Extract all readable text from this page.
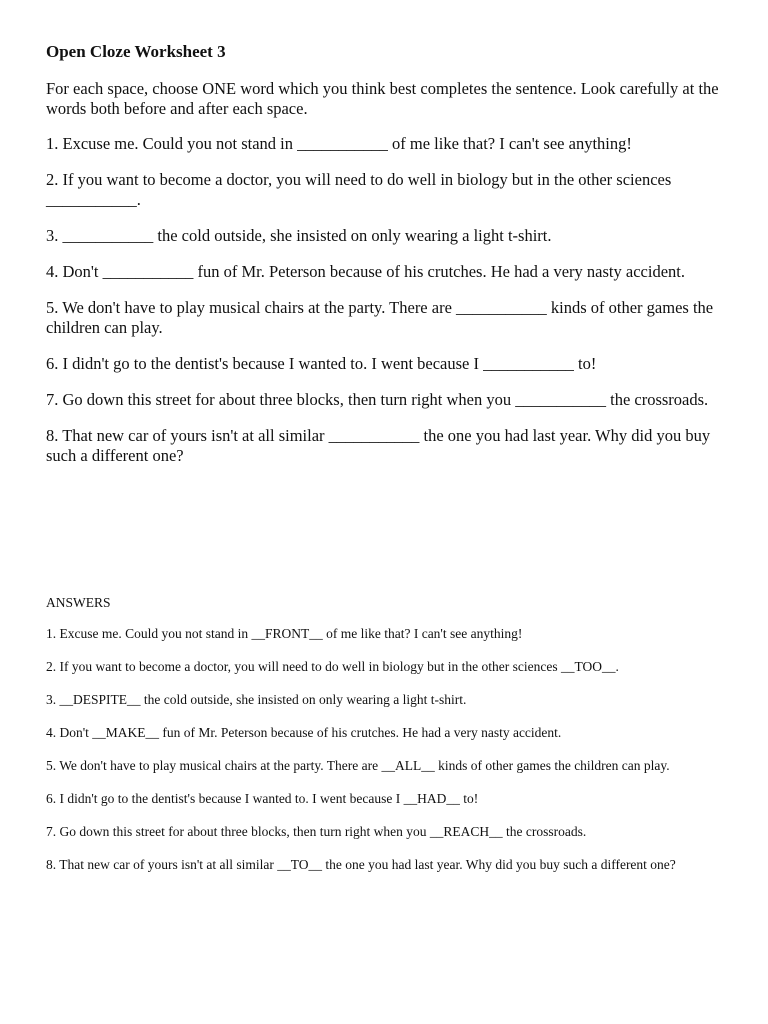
Open Cloze Worksheet 3

For each space, choose ONE word which you think best completes the sentence. Look carefully at the words both before and after each space.

1. Excuse me. Could you not stand in ___________ of me like that? I can't see anything!

2. If you want to become a doctor, you will need to do well in biology but in the other sciences ___________.

3. ___________ the cold outside, she insisted on only wearing a light t-shirt.

4. Don't ___________ fun of Mr. Peterson because of his crutches. He had a very nasty accident.

5. We don't have to play musical chairs at the party. There are ___________ kinds of other games the children can play.

6. I didn't go to the dentist's because I wanted to. I went because I ___________ to!

7. Go down this street for about three blocks, then turn right when you ___________ the crossroads.

8. That new car of yours isn't at all similar ___________ the one you had last year. Why did you buy such a different one?

ANSWERS

1. Excuse me. Could you not stand in __FRONT__ of me like that? I can't see anything!

2. If you want to become a doctor, you will need to do well in biology but in the other sciences __TOO__.

3. __DESPITE__ the cold outside, she insisted on only wearing a light t-shirt.

4. Don't __MAKE__ fun of Mr. Peterson because of his crutches. He had a very nasty accident.

5. We don't have to play musical chairs at the party. There are __ALL__ kinds of other games the children can play.

6. I didn't go to the dentist's because I wanted to. I went because I __HAD__ to!

7. Go down this street for about three blocks, then turn right when you __REACH__ the crossroads.

8. That new car of yours isn't at all similar __TO__ the one you had last year. Why did you buy such a different one?
